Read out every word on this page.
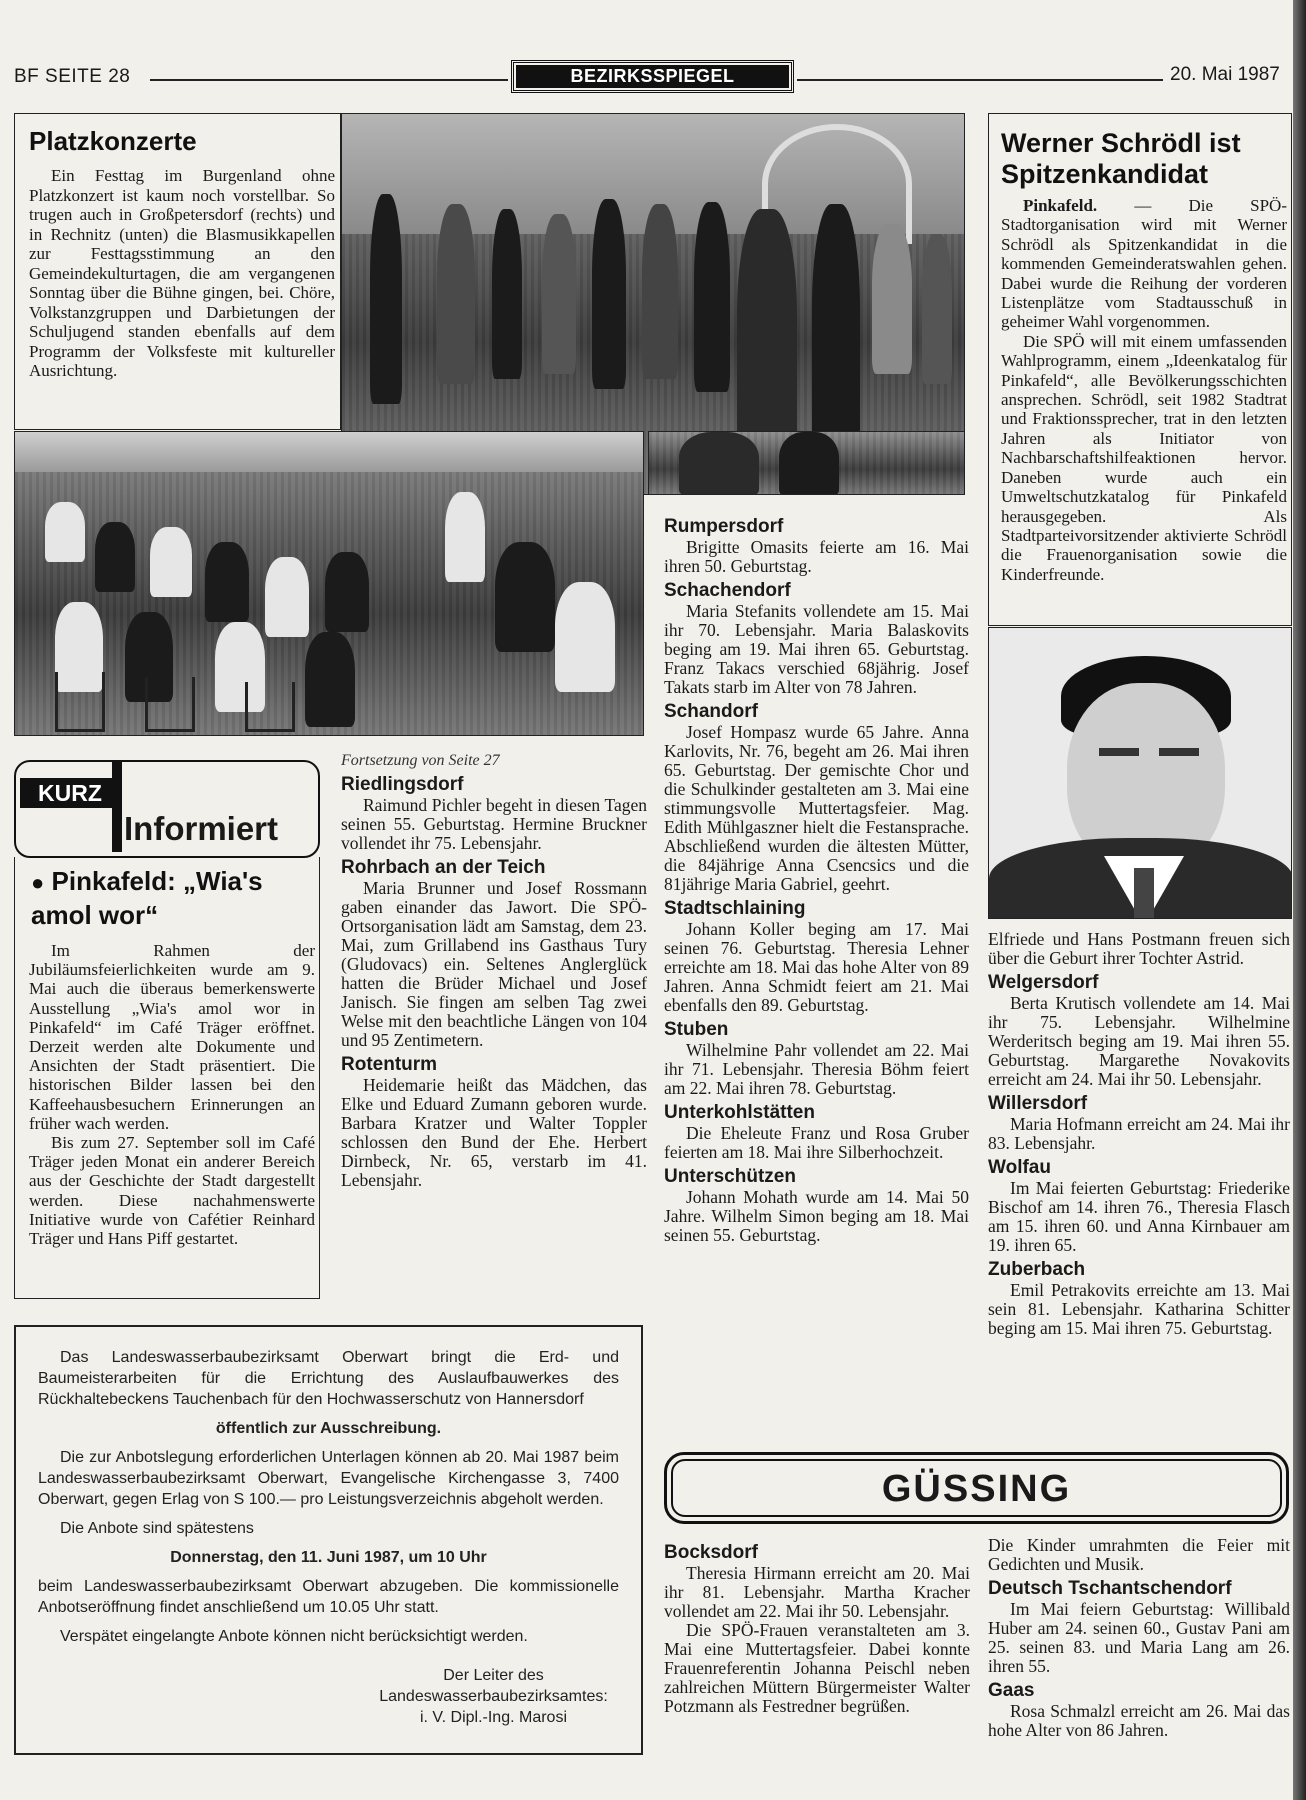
BF SEITE 28	BEZIRKSSPIEGEL	20. Mai 1987
Platzkonzerte

Ein Festtag im Burgenland ohne Platzkonzert ist kaum noch vorstellbar. So trugen auch in Großpetersdorf (rechts) und in Rechnitz (unten) die Blasmusikkapellen zur Festtagsstimmung an den Gemeindekulturtagen, die am vergangenen Sonntag über die Bühne gingen, bei. Chöre, Volkstanzgruppen und Darbietungen der Schuljugend standen ebenfalls auf dem Programm der Volksfeste mit kultureller Ausrichtung.

Werner Schrödl ist Spitzenkandidat

Pinkafeld. — Die SPÖ-Stadtorganisation wird mit Werner Schrödl als Spitzenkandidat in die kommenden Gemeinderatswahlen gehen. Dabei wurde die Reihung der vorderen Listenplätze vom Stadtausschuß in geheimer Wahl vorgenommen.

Die SPÖ will mit einem umfassenden Wahlprogramm, einem „Ideenkatalog für Pinkafeld“, alle Bevölkerungsschichten ansprechen. Schrödl, seit 1982 Stadtrat und Fraktionssprecher, trat in den letzten Jahren als Initiator von Nachbarschaftshilfeaktionen hervor. Daneben wurde auch ein Umweltschutzkatalog für Pinkafeld herausgegeben. Als Stadtparteivorsitzender aktivierte Schrödl die Frauenorganisation sowie die Kinderfreunde.

KURZ
Informiert
● Pinkafeld: „Wia's amol wor“

Im Rahmen der Jubiläumsfeierlichkeiten wurde am 9. Mai auch die überaus bemerkenswerte Ausstellung „Wia's amol wor in Pinkafeld“ im Café Träger eröffnet. Derzeit werden alte Dokumente und Ansichten der Stadt präsentiert. Die historischen Bilder lassen bei den Kaffeehausbesuchern Erinnerungen an früher wach werden.

Bis zum 27. September soll im Café Träger jeden Monat ein anderer Bereich aus der Geschichte der Stadt dargestellt werden. Diese nachahmenswerte Initiative wurde von Cafétier Reinhard Träger und Hans Piff gestartet.

Fortsetzung von Seite 27
Riedlingsdorf

Raimund Pichler begeht in diesen Tagen seinen 55. Geburtstag. Hermine Bruckner vollendet ihr 75. Lebensjahr.

Rohrbach an der Teich

Maria Brunner und Josef Rossmann gaben einander das Jawort. Die SPÖ-Ortsorganisation lädt am Samstag, dem 23. Mai, zum Grillabend ins Gasthaus Tury (Gludovacs) ein. Seltenes Anglerglück hatten die Brüder Michael und Josef Janisch. Sie fingen am selben Tag zwei Welse mit den beachtliche Längen von 104 und 95 Zentimetern.

Rotenturm

Heidemarie heißt das Mädchen, das Elke und Eduard Zumann geboren wurde. Barbara Kratzer und Walter Toppler schlossen den Bund der Ehe. Herbert Dirnbeck, Nr. 65, verstarb im 41. Lebensjahr.

Rumpersdorf

Brigitte Omasits feierte am 16. Mai ihren 50. Geburtstag.

Schachendorf

Maria Stefanits vollendete am 15. Mai ihr 70. Lebensjahr. Maria Balaskovits beging am 19. Mai ihren 65. Geburtstag. Franz Takacs verschied 68jährig. Josef Takats starb im Alter von 78 Jahren.

Schandorf

Josef Hompasz wurde 65 Jahre. Anna Karlovits, Nr. 76, begeht am 26. Mai ihren 65. Geburtstag. Der gemischte Chor und die Schulkinder gestalteten am 3. Mai eine stimmungsvolle Muttertagsfeier. Mag. Edith Mühlgaszner hielt die Festansprache. Abschließend wurden die ältesten Mütter, die 84jährige Anna Csencsics und die 81jährige Maria Gabriel, geehrt.

Stadtschlaining

Johann Koller beging am 17. Mai seinen 76. Geburtstag. Theresia Lehner erreichte am 18. Mai das hohe Alter von 89 Jahren. Anna Schmidt feiert am 21. Mai ebenfalls den 89. Geburtstag.

Stuben

Wilhelmine Pahr vollendet am 22. Mai ihr 71. Lebensjahr. Theresia Böhm feiert am 22. Mai ihren 78. Geburtstag.

Unterkohlstätten

Die Eheleute Franz und Rosa Gruber feierten am 18. Mai ihre Silberhochzeit.

Unterschützen

Johann Mohath wurde am 14. Mai 50 Jahre. Wilhelm Simon beging am 18. Mai seinen 55. Geburtstag.

Elfriede und Hans Postmann freuen sich über die Geburt ihrer Tochter Astrid.

Welgersdorf

Berta Krutisch vollendete am 14. Mai ihr 75. Lebensjahr. Wilhelmine Werderitsch beging am 19. Mai ihren 55. Geburtstag. Margarethe Novakovits erreicht am 24. Mai ihr 50. Lebensjahr.

Willersdorf

Maria Hofmann erreicht am 24. Mai ihr 83. Lebensjahr.

Wolfau

Im Mai feierten Geburtstag: Friederike Bischof am 14. ihren 76., Theresia Flasch am 15. ihren 60. und Anna Kirnbauer am 19. ihren 65.

Zuberbach

Emil Petrakovits erreichte am 13. Mai sein 81. Lebensjahr. Katharina Schitter beging am 15. Mai ihren 75. Geburtstag.

Das Landeswasserbaubezirksamt Oberwart bringt die Erd- und Baumeisterarbeiten für die Errichtung des Auslaufbauwerkes des Rückhaltebeckens Tauchenbach für den Hochwasserschutz von Hannersdorf

öffentlich zur Ausschreibung.

Die zur Anbotslegung erforderlichen Unterlagen können ab 20. Mai 1987 beim Landeswasserbaubezirksamt Oberwart, Evangelische Kirchengasse 3, 7400 Oberwart, gegen Erlag von S 100.— pro Leistungsverzeichnis abgeholt werden.

Die Anbote sind spätestens

Donnerstag, den 11. Juni 1987, um 10 Uhr

beim Landeswasserbaubezirksamt Oberwart abzugeben. Die kommissionelle Anbotseröffnung findet anschließend um 10.05 Uhr statt.

Verspätet eingelangte Anbote können nicht berücksichtigt werden.

Der Leiter des

Landeswasserbaubezirksamtes:

i. V. Dipl.-Ing. Marosi

GÜSSING
Bocksdorf

Theresia Hirmann erreicht am 20. Mai ihr 81. Lebensjahr. Martha Kracher vollendet am 22. Mai ihr 50. Lebensjahr.

Die SPÖ-Frauen veranstalteten am 3. Mai eine Muttertagsfeier. Dabei konnte Frauenreferentin Johanna Peischl neben zahlreichen Müttern Bürgermeister Walter Potzmann als Festredner begrüßen.

Die Kinder umrahmten die Feier mit Gedichten und Musik.

Deutsch Tschantschendorf

Im Mai feiern Geburtstag: Willibald Huber am 24. seinen 60., Gustav Pani am 25. seinen 83. und Maria Lang am 26. ihren 55.

Gaas

Rosa Schmalzl erreicht am 26. Mai das hohe Alter von 86 Jahren.
